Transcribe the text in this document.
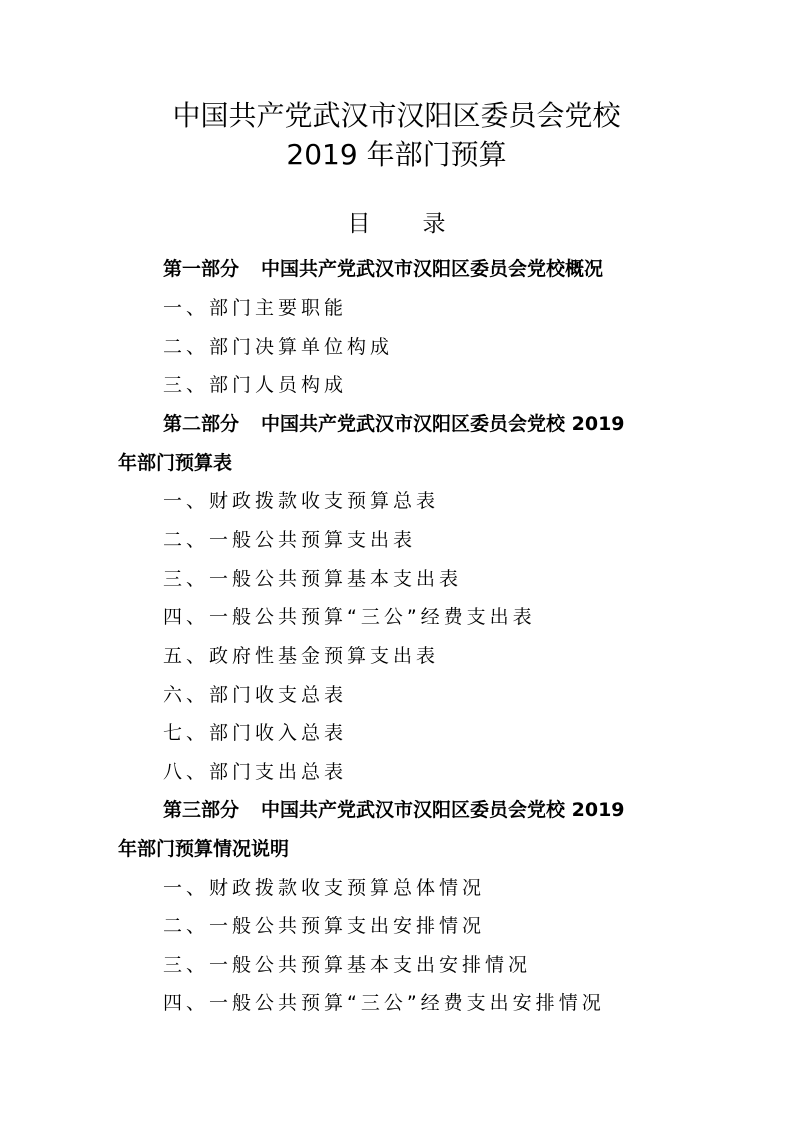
中国共产党武汉市汉阳区委员会党校
2019 年部门预算
目 录
第一部分 中国共产党武汉市汉阳区委员会党校概况
一、部门主要职能
二、部门决算单位构成
三、部门人员构成
第二部分 中国共产党武汉市汉阳区委员会党校 2019
年部门预算表
一、财政拨款收支预算总表
二、一般公共预算支出表
三、一般公共预算基本支出表
四、一般公共预算“三公”经费支出表
五、政府性基金预算支出表
六、部门收支总表
七、部门收入总表
八、部门支出总表
第三部分 中国共产党武汉市汉阳区委员会党校 2019
年部门预算情况说明
一、财政拨款收支预算总体情况
二、一般公共预算支出安排情况
三、一般公共预算基本支出安排情况
四、一般公共预算“三公”经费支出安排情况
